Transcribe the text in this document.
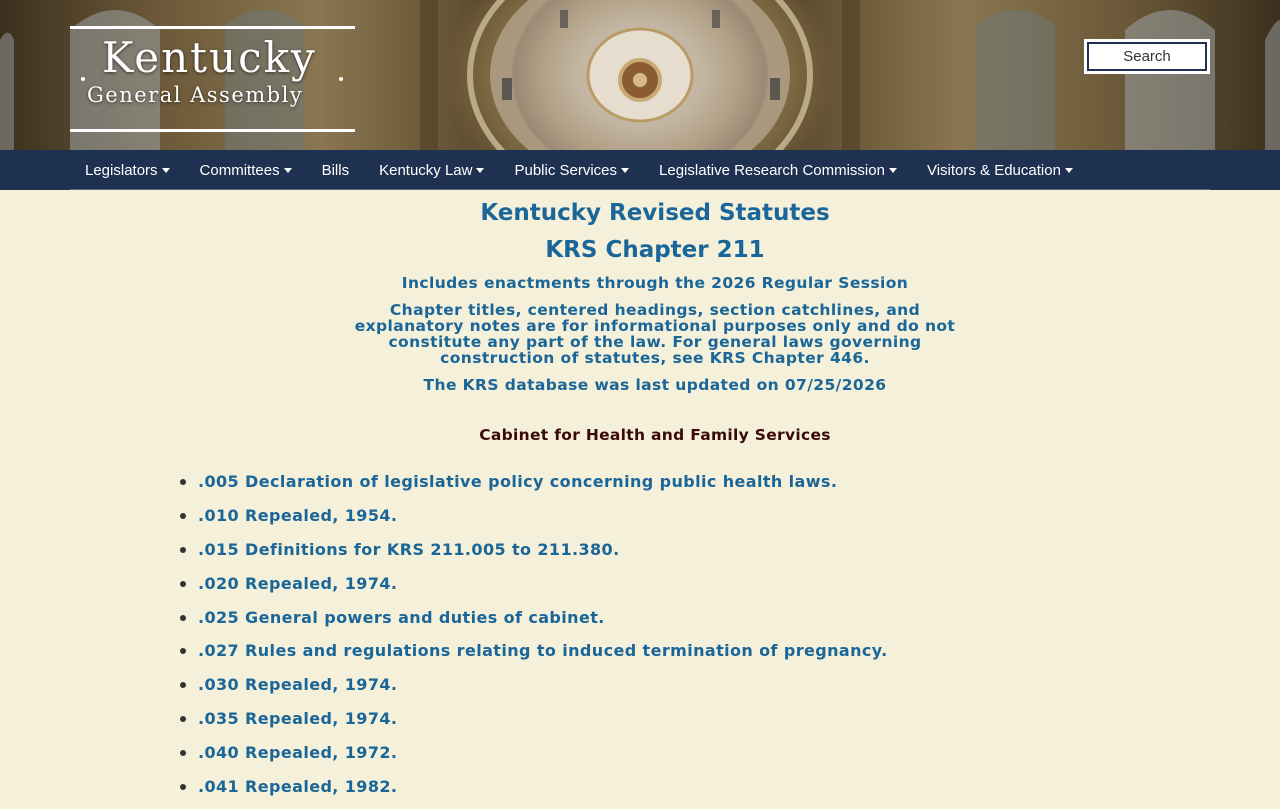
Kentucky
General Assembly
Search
Legislators	Committees	Bills Kentucky Law	Public Services	Legislative Research Commission	Visitors & Education
Kentucky Revised Statutes
KRS Chapter 211

Includes enactments through the 2026 Regular Session

Chapter titles, centered headings, section catchlines, and explanatory notes are for informational purposes only and do not constitute any part of the law. For general laws governing construction of statutes, see KRS Chapter 446.

The KRS database was last updated on 07/25/2026

Cabinet for Health and Family Services
.005 Declaration of legislative policy concerning public health laws.
.010 Repealed, 1954.
.015 Definitions for KRS 211.005 to 211.380.
.020 Repealed, 1974.
.025 General powers and duties of cabinet.
.027 Rules and regulations relating to induced termination of pregnancy.
.030 Repealed, 1974.
.035 Repealed, 1974.
.040 Repealed, 1972.
.041 Repealed, 1982.
